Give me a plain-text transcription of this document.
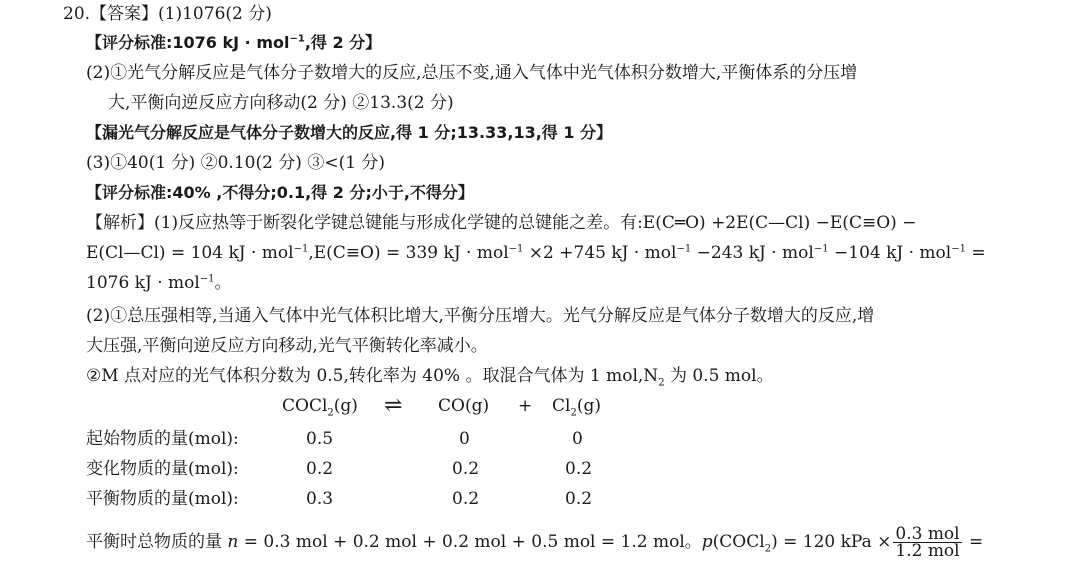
20.【答案】(1)1076(2 分)
【评分标准:1076 kJ · mol$^{-1}$,得 2 分】
(2)①光气分解反应是气体分子数增大的反应,总压不变,通入气体中光气体积分数增大,平衡体系的分压增
大,平衡向逆反应方向移动(2 分) ②13.3(2 分)
【漏光气分解反应是气体分子数增大的反应,得 1 分;13.33,13,得 1 分】
(3)①40(1 分) ②0.10(2 分) ③<(1 分)
【评分标准:40% ,不得分;0.1,得 2 分;小于,不得分】
【解析】(1)反应热等于断裂化学键总键能与形成化学键的总键能之差。有:E(C═O) +2E(C—Cl) −E(C≡O) −
E(Cl—Cl) = 104 kJ · mol$^{-1}$,E(C≡O) = 339 kJ · mol$^{-1}$ ×2 +745 kJ · mol$^{-1}$ −243 kJ · mol$^{-1}$ −104 kJ · mol$^{-1}$ =
1076 kJ · mol$^{-1}$。
(2)①总压强相等,当通入气体中光气体积比增大,平衡分压增大。光气分解反应是气体分子数增大的反应,增
大压强,平衡向逆反应方向移动,光气平衡转化率减小。
②M 点对应的光气体积分数为 0.5,转化率为 40% 。取混合气体为 1 $mol,N_2$ 为 0.5 mol。
COCl$_2$(g) ⇌ $CO(g) + Cl_2(g)$
起始物质的量(mol):	0.5	0	0
变化物质的量(mol):	0.2	0.2	0.2
平衡物质的量(mol):	0.3	0.2	0.2
平衡时总物质的量 n = 0.3 mol + 0.2 mol + 0.2 mol + 0.5 mol = 1.2 mol。p(COCl$_2$) = 120 kPa × $\frac{\text{0.3 mol}}{\text{1.2 mol}}$ =
